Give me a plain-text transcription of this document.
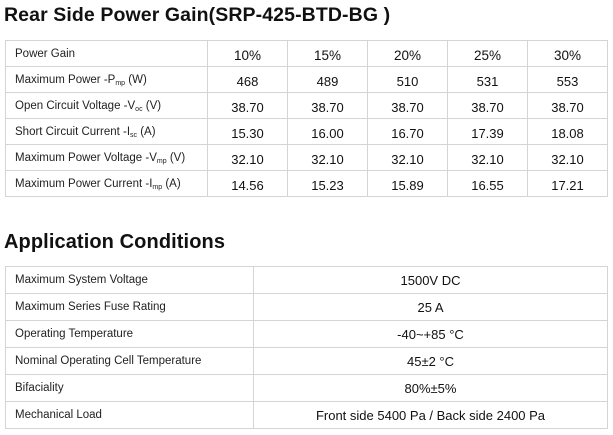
Rear Side Power Gain(SRP-425-BTD-BG )
Power Gain	10%	15%	20%	25%	30%
Maximum Power $-P_{mp}$ (W)	468	489	510	531	553
Open Circuit Voltage $-V_{oc}$ (V)	38.70	38.70	38.70	38.70	38.70
Short Circuit Current $-I_{sc}$ (A)	15.30	16.00	16.70	17.39	18.08
Maximum Power Voltage $-V_{mp}$ (V)	32.10	32.10	32.10	32.10	32.10
Maximum Power Current $-I_{mp}$ (A)	14.56	15.23	15.89	16.55	17.21
Application Conditions
Maximum System Voltage	1500V DC
Maximum Series Fuse Rating	25 A
Operating Temperature	-40~+85 °C
Nominal Operating Cell Temperature	45±2 °C
Bifaciality	80%±5%
Mechanical Load	Front side 5400 Pa / Back side 2400 Pa
